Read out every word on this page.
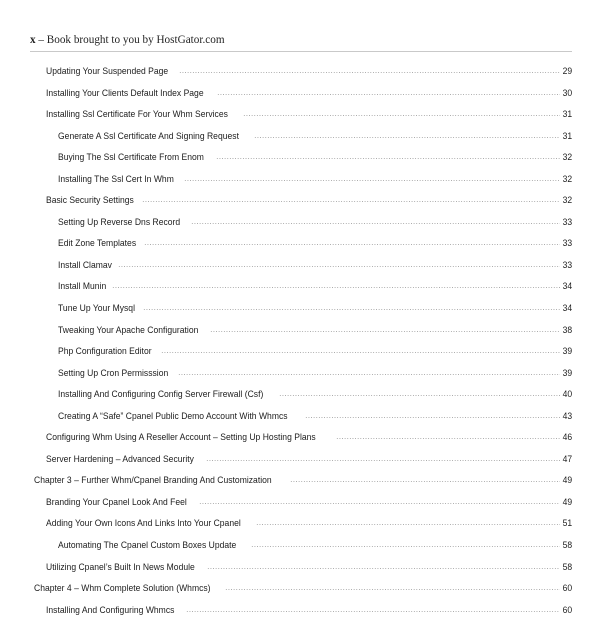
x – Book brought to you by HostGator.com
Updating Your Suspended Page	29
Installing Your Clients Default Index Page	30
Installing Ssl Certificate For Your Whm Services	31
Generate A Ssl Certificate And Signing Request	31
Buying The Ssl Certificate From Enom	32
Installing The Ssl Cert In Whm	32
Basic Security Settings	32
Setting Up Reverse Dns Record	33
Edit Zone Templates	33
Install Clamav	33
Install Munin	34
Tune Up Your Mysql	34
Tweaking Your Apache Configuration	38
Php Configuration Editor	39
Setting Up Cron Permisssion	39
Installing And Configuring Config Server Firewall (Csf)	40
Creating A “Safe” Cpanel Public Demo Account With Whmcs	43
Configuring Whm Using A Reseller Account – Setting Up Hosting Plans	46
Server Hardening – Advanced Security	47
Chapter 3 – Further Whm/Cpanel Branding And Customization	49
Branding Your Cpanel Look And Feel	49
Adding Your Own Icons And Links Into Your Cpanel	51
Automating The Cpanel Custom Boxes Update	58
Utilizing Cpanel’s Built In News Module	58
Chapter 4 – Whm Complete Solution (Whmcs)	60
Installing And Configuring Whmcs	60
